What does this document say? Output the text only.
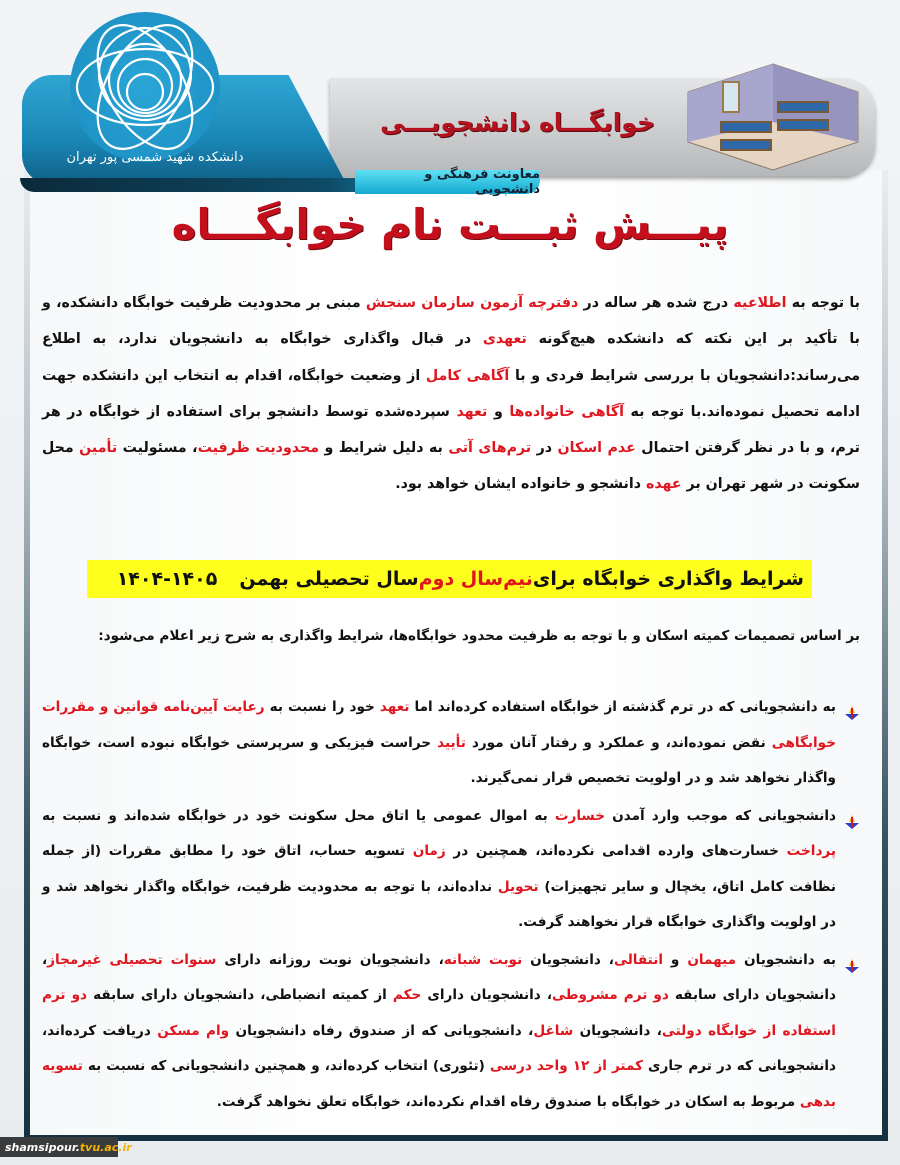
دانشکده شهید شمسی پور تهران
خوابگـــاه دانشجویـــی
معاونت فرهنگی و دانشجویی
پیـــش ثبـــت نام خوابگـــاه
با توجه به اطلاعیه درج شده هر ساله در دفترچه آزمون سازمان سنجش مبنی بر محدودیت ظرفیت خوابگاه دانشکده، و با تأکید بر این نکته که دانشکده هیچ‌گونه تعهدی در قبال واگذاری خوابگاه به دانشجویان ندارد، به اطلاع می‌رساند:دانشجویان با بررسی شرایط فردی و با آگاهی کامل از وضعیت خوابگاه، اقدام به انتخاب این دانشکده جهت ادامه تحصیل نموده‌اند.با توجه به آگاهی خانواده‌ها و تعهد سپرده‌شده توسط دانشجو برای استفاده از خوابگاه در هر ترم، و با در نظر گرفتن احتمال عدم اسکان در ترم‌های آتی به دلیل شرایط و محدودیت ظرفیت، مسئولیت تأمین محل سکونت در شهر تهران بر عهده دانشجو و خانواده ایشان خواهد بود.
شرایط واگذاری خوابگاه برای
نیم‌سال دوم
سال تحصیلی بهمن
۱۴۰۴-۱۴۰۵
بر اساس تصمیمات کمیته اسکان و با توجه به ظرفیت محدود خوابگاه‌ها، شرایط واگذاری به شرح زیر اعلام می‌شود:
به دانشجویانی که در ترم گذشته از خوابگاه استفاده کرده‌اند اما تعهد خود را نسبت به رعایت آیین‌نامه قوانین و مقررات خوابگاهی نقض نموده‌اند، و عملکرد و رفتار آنان مورد تأیید حراست فیزیکی و سرپرستی خوابگاه نبوده است، خوابگاه واگذار نخواهد شد و در اولویت تخصیص قرار نمی‌گیرند.
دانشجویانی که موجب وارد آمدن خسارت به اموال عمومی یا اتاق محل سکونت خود در خوابگاه شده‌اند و نسبت به پرداخت خسارت‌های وارده اقدامی نکرده‌اند، همچنین در زمان تسویه حساب، اتاق خود را مطابق مقررات (از جمله نظافت کامل اتاق، یخچال و سایر تجهیزات) تحویل نداده‌اند، با توجه به محدودیت ظرفیت، خوابگاه واگذار نخواهد شد و در اولویت واگذاری خوابگاه قرار نخواهند گرفت.
به دانشجویان میهمان و انتقالی، دانشجویان نوبت شبانه، دانشجویان نوبت روزانه دارای سنوات تحصیلی غیرمجاز، دانشجویان دارای سابقه دو ترم مشروطی، دانشجویان دارای حکم از کمیته انضباطی، دانشجویان دارای سابقه دو ترم استفاده از خوابگاه دولتی، دانشجویان شاغل، دانشجویانی که از صندوق رفاه دانشجویان وام مسکن دریافت کرده‌اند، دانشجویانی که در ترم جاری کمتر از ۱۲ واحد درسی (تئوری) انتخاب کرده‌اند، و همچنین دانشجویانی که نسبت به تسویه بدهی مربوط به اسکان در خوابگاه با صندوق رفاه اقدام نکرده‌اند، خوابگاه تعلق نخواهد گرفت.
shamsipour. tvu.ac.ir
